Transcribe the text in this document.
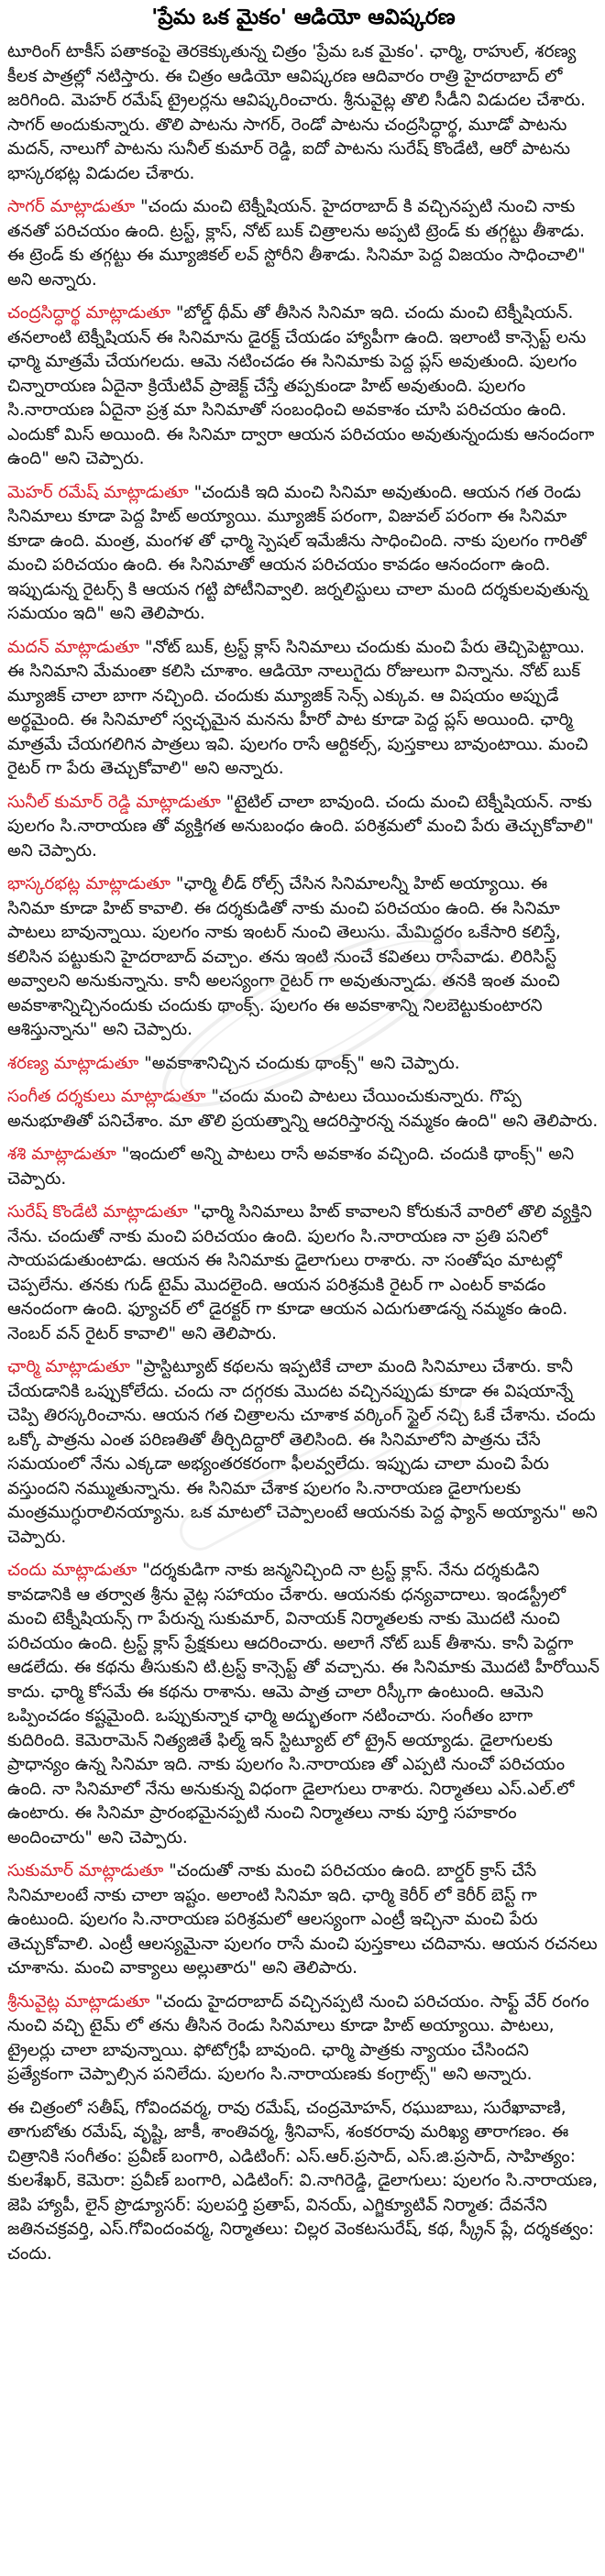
'ప్రేమ ఒక మైకం' ఆడియో ఆవిష్కరణ

టూరింగ్ టాకీస్ పతాకంపై తెరకెక్కుతున్న చిత్రం 'ప్రేమ ఒక మైకం'. ఛార్మి, రాహుల్, శరణ్య కీలక పాత్రల్లో నటిస్తారు. ఈ చిత్రం ఆడియో ఆవిష్కరణ ఆదివారం రాత్రి హైదరాబాద్ లో జరిగింది. మెహర్ రమేష్ ట్రైలర్లను ఆవిష్కరించారు. శ్రీనువైట్ల తొలి సీడీని విడుదల చేశారు. సాగర్ అందుకున్నారు. తొలి పాటను సాగర్, రెండో పాటను చంద్రసిద్ధార్థ, మూడో పాటను మదన్, నాలుగో పాటను సునీల్ కుమార్ రెడ్డి, ఐదో పాటను సురేష్ కొండేటి, ఆరో పాటను భాస్కరభట్ల విడుదల చేశారు.

సాగర్ మాట్లాడుతూ "చందు మంచి టెక్నీషియన్. హైదరాబాద్ కి వచ్చినప్పటి నుంచి నాకు తనతో పరిచయం ఉంది. ట్రస్ట్, క్లాస్, నోట్ బుక్ చిత్రాలను అప్పటి ట్రెండ్ కు తగ్గట్టు తీశాడు. ఈ ట్రెండ్ కు తగ్గట్టు ఈ మ్యూజికల్ లవ్ స్టోరీని తీశాడు. సినిమా పెద్ద విజయం సాధించాలి" అని అన్నారు.

చంద్రసిద్ధార్థ మాట్లాడుతూ "బోల్డ్ థీమ్ తో తీసిన సినిమా ఇది. చందు మంచి టెక్నీషియన్. తనలాంటి టెక్నీషియన్ ఈ సినిమాను డైరక్ట్ చేయడం హ్యాపీగా ఉంది. ఇలాంటి కాన్సెప్ట్ లను ఛార్మి మాత్రమే చేయగలదు. ఆమె నటించడం ఈ సినిమాకు పెద్ద ప్లస్ అవుతుంది. పులగం చిన్నారాయణ ఏదైనా క్రియేటివ్ ప్రాజెక్ట్ చేస్తే తప్పకుండా హిట్ అవుతుంది. పులగం సి.నారాయణ ఏదైనా ప్రశ్ర మా సినిమాతో సంబంధించి అవకాశం చూసి పరిచయం ఉంది. ఎందుకో మిస్ అయింది. ఈ సినిమా ద్వారా ఆయన పరిచయం అవుతున్నందుకు ఆనందంగా ఉంది" అని చెప్పారు.

మెహర్ రమేష్ మాట్లాడుతూ "చందుకి ఇది మంచి సినిమా అవుతుంది. ఆయన గత రెండు సినిమాలు కూడా పెద్ద హిట్ అయ్యాయి. మ్యూజిక్ పరంగా, విజువల్ పరంగా ఈ సినిమా కూడా ఉంది. మంత్ర, మంగళ తో ఛార్మి స్పెషల్ ఇమేజీను సాధించింది. నాకు పులగం గారితో మంచి పరిచయం ఉంది. ఈ సినిమాతో ఆయన పరిచయం కావడం ఆనందంగా ఉంది. ఇప్పుడున్న రైటర్స్ కి ఆయన గట్టి పోటీనివ్వాలి. జర్నలిస్టులు చాలా మంది దర్శకులవుతున్న సమయం ఇది" అని తెలిపారు.

మదన్ మాట్లాడుతూ "నోట్ బుక్, ట్రస్ట్ క్లాస్ సినిమాలు చందుకు మంచి పేరు తెచ్చిపెట్టాయి. ఈ సినిమాని మేమంతా కలిసి చూశాం. ఆడియో నాలుగైదు రోజులుగా విన్నాను. నోట్ బుక్ మ్యూజిక్ చాలా బాగా నచ్చింది. చందుకు మ్యూజిక్ సెన్స్ ఎక్కువ. ఆ విషయం అప్పుడే అర్థమైంది. ఈ సినిమాలో స్వచ్ఛమైన మనను హీరో పాట కూడా పెద్ద ప్లస్ అయింది. ఛార్మి మాత్రమే చేయగలిగిన పాత్రలు ఇవి. పులగం రాసే ఆర్టికల్స్, పుస్తకాలు బావుంటాయి. మంచి రైటర్ గా పేరు తెచ్చుకోవాలి" అని అన్నారు.

సునీల్ కుమార్ రెడ్డి మాట్లాడుతూ "టైటిల్ చాలా బావుంది. చందు మంచి టెక్నీషియన్. నాకు పులగం సి.నారాయణ తో వ్యక్తిగత అనుబంధం ఉంది. పరిశ్రమలో మంచి పేరు తెచ్చుకోవాలి" అని చెప్పారు.

భాస్కరభట్ల మాట్లాడుతూ "ఛార్మి లీడ్ రోల్స్ చేసిన సినిమాలన్నీ హిట్ అయ్యాయి. ఈ సినిమా కూడా హిట్ కావాలి. ఈ దర్శకుడితో నాకు మంచి పరిచయం ఉంది. ఈ సినిమా పాటలు బావున్నాయి. పులగం నాకు ఇంటర్ నుంచి తెలుసు. మేమిద్దరం ఒకేసారి కలిస్తే, కలిసిన పట్టుకుని హైదరాబాద్ వచ్చాం. తను ఇంటి నుంచే కవితలు రాసేవాడు. లిరిసిస్ట్ అవ్వాలని అనుకున్నాను. కానీ అలస్యంగా రైటర్ గా అవుతున్నాడు. తనకి ఇంత మంచి అవకాశాన్నిచ్చినందుకు చందుకు థాంక్స్. పులగం ఈ అవకాశాన్ని నిలబెట్టుకుంటారని ఆశిస్తున్నాను" అని చెప్పారు.

శరణ్య మాట్లాడుతూ "అవకాశానిచ్చిన చందుకు థాంక్స్" అని చెప్పారు.

సంగీత దర్శకులు మాట్లాడుతూ "చందు మంచి పాటలు చేయించుకున్నారు. గొప్ప అనుభూతితో పనిచేశాం. మా తొలి ప్రయత్నాన్ని ఆదరిస్తారన్న నమ్మకం ఉంది" అని తెలిపారు.

శశి మాట్లాడుతూ "ఇందులో అన్ని పాటలు రాసే అవకాశం వచ్చింది. చందుకి థాంక్స్" అని చెప్పారు.

సురేష్ కొండేటి మాట్లాడుతూ "ఛార్మి సినిమాలు హిట్ కావాలని కోరుకునే వారిలో తొలి వ్యక్తిని నేను. చందుతో నాకు మంచి పరిచయం ఉంది. పులగం సి.నారాయణ నా ప్రతి పనిలో సాయపడుతుంటాడు. ఆయన ఈ సినిమాకు డైలాగులు రాశారు. నా సంతోషం మాటల్లో చెప్పలేను. తనకు గుడ్ టైమ్ మొదలైంది. ఆయన పరిశ్రమకి రైటర్ గా ఎంటర్ కావడం ఆనందంగా ఉంది. ఫ్యూచర్ లో డైరక్టర్ గా కూడా ఆయన ఎదుగుతాడన్న నమ్మకం ఉంది. నెంబర్ వన్ రైటర్ కావాలి" అని తెలిపారు.

ఛార్మి మాట్లాడుతూ "ప్రాస్టిట్యూట్ కథలను ఇప్పటికే చాలా మంది సినిమాలు చేశారు. కానీ చేయడానికి ఒప్పుకోలేదు. చందు నా దగ్గరకు మొదట వచ్చినప్పుడు కూడా ఈ విషయాన్నే చెప్పి తిరస్కరించాను. ఆయన గత చిత్రాలను చూశాక వర్కింగ్ స్టైల్ నచ్చి ఓకే చేశాను. చందు ఒక్కో పాత్రను ఎంత పరిణతితో తీర్చిదిద్దారో తెలిసింది. ఈ సినిమాలోని పాత్రను చేసే సమయంలో నేను ఎక్కడా అభ్యంతరకరంగా ఫీలవ్వలేదు. ఇప్పుడు చాలా మంచి పేరు వస్తుందని నమ్ముతున్నాను. ఈ సినిమా చేశాక పులగం సి.నారాయణ డైలాగులకు మంత్రముగ్ధురాలినయ్యాను. ఒక మాటలో చెప్పాలంటే ఆయనకు పెద్ద ఫ్యాన్ అయ్యాను" అని చెప్పారు.

చందు మాట్లాడుతూ "దర్శకుడిగా నాకు జన్మనిచ్చింది నా ట్రస్ట్ క్లాస్. నేను దర్శకుడిని కావడానికి ఆ తర్వాత శ్రీను వైట్ల సహాయం చేశారు. ఆయనకు ధన్యవాదాలు. ఇండస్ట్రీలో మంచి టెక్నీషియన్స్ గా పేరున్న సుకుమార్, వినాయక్ నిర్మాతలకు నాకు మొదటి నుంచి పరిచయం ఉంది. ట్రస్ట్ క్లాస్ ప్రేక్షకులు ఆదరించారు. అలాగే నోట్ బుక్ తీశాను. కానీ పెద్దగా ఆడలేదు. ఈ కథను తీసుకుని టి.ట్రస్ట్ కాన్సెప్ట్ తో వచ్చాను. ఈ సినిమాకు మొదటి హీరోయిన్ కాదు. ఛార్మి కోసమే ఈ కథను రాశాను. ఆమె పాత్ర చాలా రిస్కీగా ఉంటుంది. ఆమెని ఒప్పించడం కష్టమైంది. ఒప్పుకున్నాక ఛార్మి అద్భుతంగా నటించారు. సంగీతం బాగా కుదిరింది. కెమెరామెన్ నిత్యజితే ఫిల్మ్ ఇన్ స్టిట్యూట్ లో ట్రైన్ అయ్యాడు. డైలాగులకు ప్రాధాన్యం ఉన్న సినిమా ఇది. నాకు పులగం సి.నారాయణ తో ఎప్పటి నుంచో పరిచయం ఉంది. నా సినిమాలో నేను అనుకున్న విధంగా డైలాగులు రాశారు. నిర్మాతలు ఎస్.ఎల్.లో ఉంటారు. ఈ సినిమా ప్రారంభమైనప్పటి నుంచి నిర్మాతలు నాకు పూర్తి సహకారం అందించారు" అని చెప్పారు.

సుకుమార్ మాట్లాడుతూ "చందుతో నాకు మంచి పరిచయం ఉంది. బార్డర్ క్రాస్ చేసే సినిమాలంటే నాకు చాలా ఇష్టం. అలాంటి సినిమా ఇది. ఛార్మి కెరీర్ లో కెరీర్ బెస్ట్ గా ఉంటుంది. పులగం సి.నారాయణ పరిశ్రమలో ఆలస్యంగా ఎంట్రీ ఇచ్చినా మంచి పేరు తెచ్చుకోవాలి. ఎంట్రీ ఆలస్యమైనా పులగం రాసే మంచి పుస్తకాలు చదివాను. ఆయన రచనలు చూశాను. మంచి వాక్యాలు అల్లుతారు" అని తెలిపారు.

శ్రీనువైట్ల మాట్లాడుతూ "చందు హైదరాబాద్ వచ్చినప్పటి నుంచి పరిచయం. సాఫ్ట్ వేర్ రంగం నుంచి వచ్చి టైమ్ లో తను తీసిన రెండు సినిమాలు కూడా హిట్ అయ్యాయి. పాటలు, ట్రైలర్లు చాలా బావున్నాయి. ఫోటోగ్రఫీ బావుంది. ఛార్మి పాత్రకు న్యాయం చేసిందని ప్రత్యేకంగా చెప్పాల్సిన పనిలేదు. పులగం సి.నారాయణకు కంగ్రాట్స్" అని అన్నారు.

ఈ చిత్రంలో సతీష్, గోవిందవర్మ, రావు రమేష్, చంద్రమోహన్, రఘుబాబు, సురేఖావాణి, తాగుబోతు రమేష్, వృష్టి, జాకీ, శాంతివర్మ, శ్రీనివాస్, శంకరరావు మరిఖ్య తారాగణం. ఈ చిత్రానికి సంగీతం: ప్రవీణ్ బంగారి, ఎడిటింగ్: ఎస్.ఆర్.ప్రసాద్, ఎస్.జి.ప్రసాద్, సాహిత్యం: కులశేఖర్, కెమెరా: ప్రవీణ్ బంగారి, ఎడిటింగ్: వి.నాగిరెడ్డి, డైలాగులు: పులగం సి.నారాయణ, జెపి హ్యాపీ, లైన్ ప్రొడ్యూసర్: పులపర్తి ప్రతాప్, వినయ్, ఎగ్జిక్యూటివ్ నిర్మాత: దేవనేని జతినచక్రవర్తి, ఎస్.గోవిందంవర్మ, నిర్మాతలు: చిల్లర వెంకటసురేష్, కథ, స్క్రీన్ ప్లే, దర్శకత్వం: చందు.
